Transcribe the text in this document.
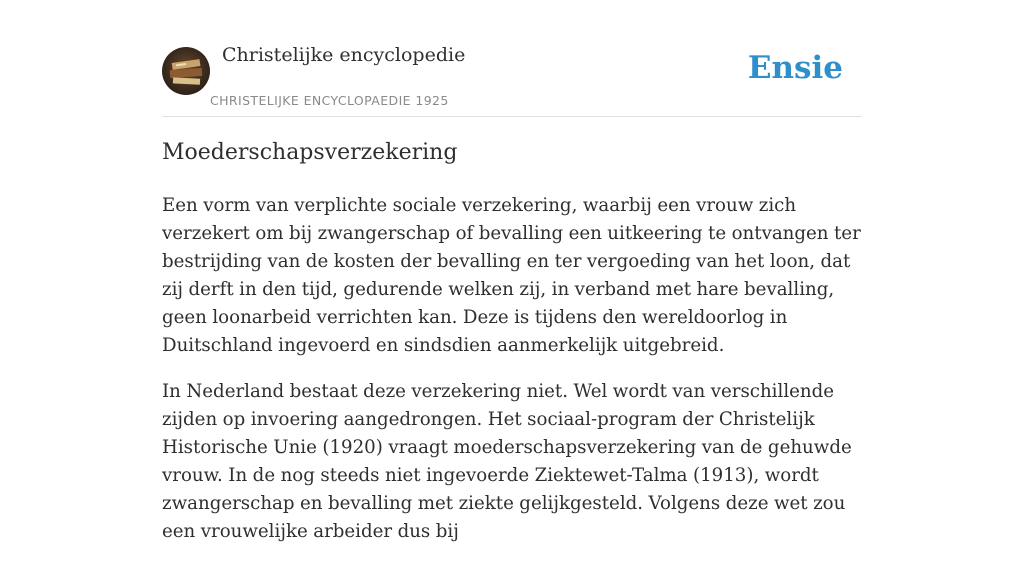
Christelijke encyclopedie
CHRISTELIJKE ENCYCLOPAEDIE 1925
Ensie
Moederschapsverzekering

Een vorm van verplichte sociale verzekering, waarbij een vrouw zich verzekert om bij zwangerschap of bevalling een uitkeering te ontvangen ter bestrijding van de kosten der bevalling en ter vergoeding van het loon, dat zij derft in den tijd, gedurende welken zij, in verband met hare bevalling, geen loonarbeid verrichten kan. Deze is tijdens den wereldoorlog in Duitschland ingevoerd en sindsdien aanmerkelijk uitgebreid.

In Nederland bestaat deze verzekering niet. Wel wordt van verschillende zijden op invoering aangedrongen. Het sociaal-program der Christelijk Historische Unie (1920) vraagt moederschapsverzekering van de gehuwde vrouw. In de nog steeds niet ingevoerde Ziektewet-Talma (1913), wordt zwangerschap en bevalling met ziekte gelijkgesteld. Volgens deze wet zou een vrouwelijke arbeider dus bij
